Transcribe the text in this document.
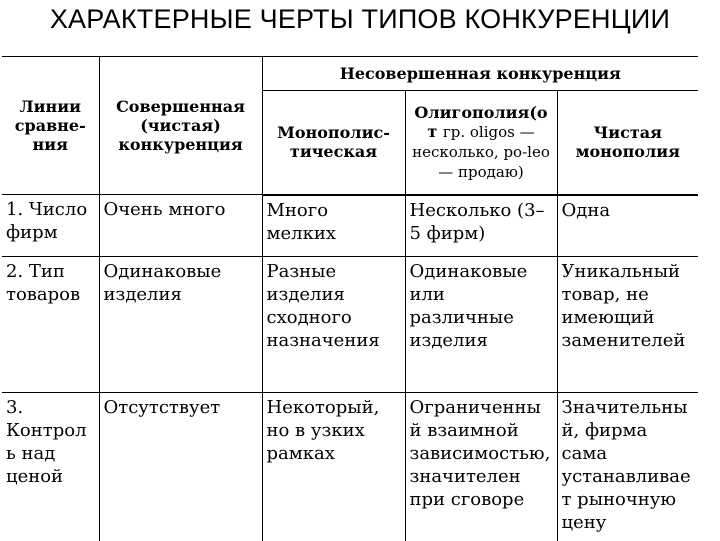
ХАРАКТЕРНЫЕ ЧЕРТЫ ТИПОВ КОНКУРЕНЦИИ
Линии сравне-ния	Совершенная (чистая) конкуренция	Несовершенная конкуренция		
		Монополис-тическая	Олигополия(от гр. oligos — несколько, po-leo — продаю)	Чистая монополия
1. Число фирм	Очень много	Много мелких	Несколько (3–5 фирм)	Одна
2. Тип товаров	Одинаковые изделия	Разные изделия сходного назначения	Одинаковые или различные изделия	Уникальный товар, не имеющий заменителей
3. Контроль над ценой	Отсутствует	Некоторый, но в узких рамках	Ограниченный взаимной зависимостью, значителен при сговоре	Значительный, фирма сама устанавливает рыночную цену
